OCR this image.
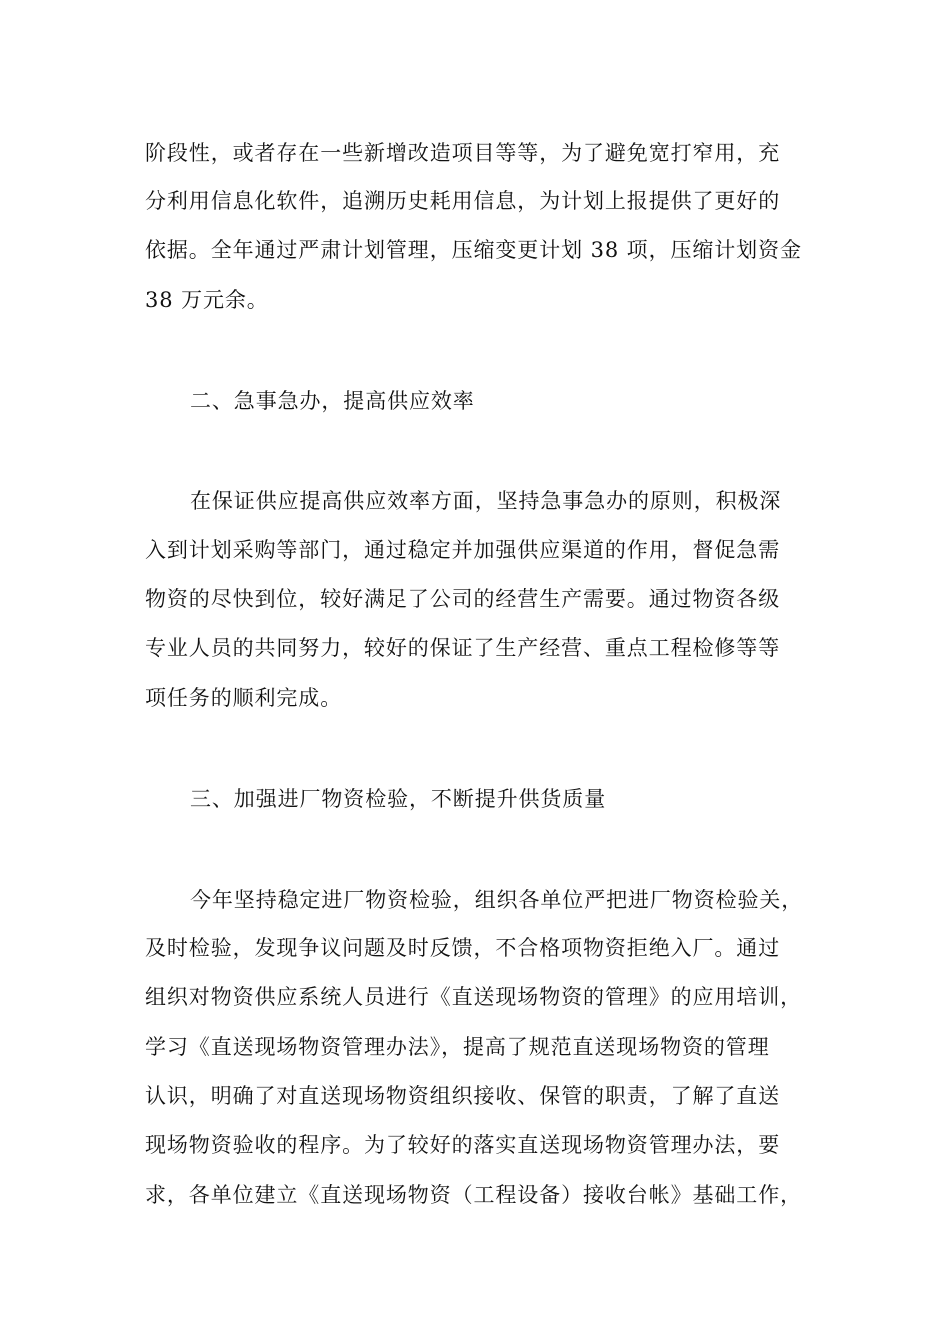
阶段性，或者存在一些新增改造项目等等，为了避免宽打窄用，充
分利用信息化软件，追溯历史耗用信息，为计划上报提供了更好的
依据。全年通过严肃计划管理，压缩变更计划 38 项，压缩计划资金
38 万元余。
二、急事急办，提高供应效率
在保证供应提高供应效率方面，坚持急事急办的原则，积极深
入到计划采购等部门，通过稳定并加强供应渠道的作用，督促急需
物资的尽快到位，较好满足了公司的经营生产需要。通过物资各级
专业人员的共同努力，较好的保证了生产经营、重点工程检修等等
项任务的顺利完成。
三、加强进厂物资检验，不断提升供货质量
今年坚持稳定进厂物资检验，组织各单位严把进厂物资检验关，
及时检验，发现争议问题及时反馈，不合格项物资拒绝入厂。通过
组织对物资供应系统人员进行《直送现场物资的管理》的应用培训，
学习《直送现场物资管理办法》，提高了规范直送现场物资的管理
认识，明确了对直送现场物资组织接收、保管的职责，了解了直送
现场物资验收的程序。为了较好的落实直送现场物资管理办法，要
求，各单位建立《直送现场物资（工程设备）接收台帐》基础工作，
